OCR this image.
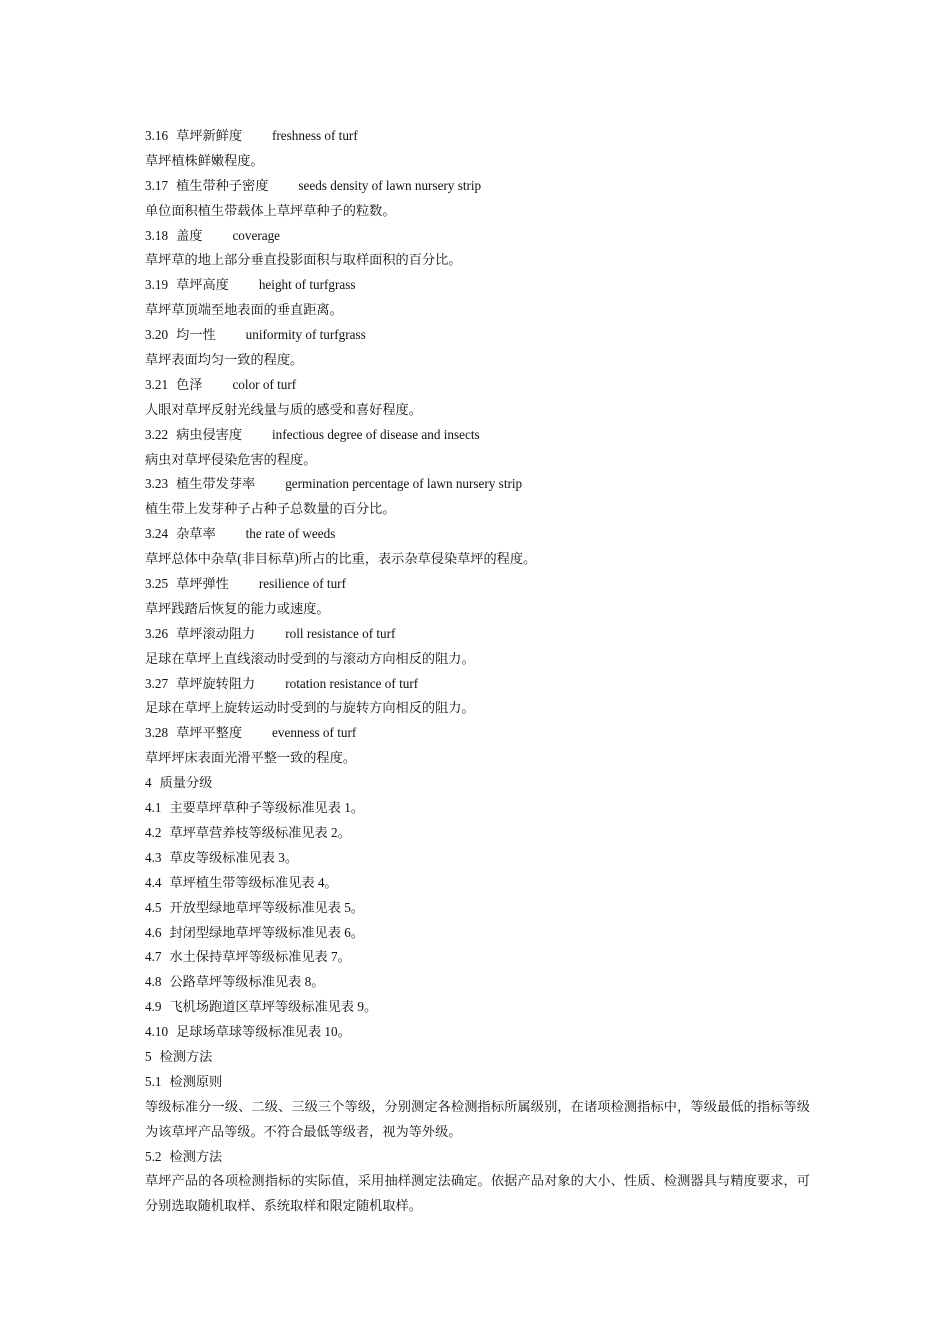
3.16 草坪新鲜度 freshness of turf
草坪植株鲜嫩程度。
3.17 植生带种子密度 seeds density of lawn nursery strip
单位面积植生带载体上草坪草种子的粒数。
3.18 盖度 coverage
草坪草的地上部分垂直投影面积与取样面积的百分比。
3.19 草坪高度 height of turfgrass
草坪草顶端至地表面的垂直距离。
3.20 均一性 uniformity of turfgrass
草坪表面均匀一致的程度。
3.21 色泽 color of turf
人眼对草坪反射光线量与质的感受和喜好程度。
3.22 病虫侵害度 infectious degree of disease and insects
病虫对草坪侵染危害的程度。
3.23 植生带发芽率 germination percentage of lawn nursery strip
植生带上发芽种子占种子总数量的百分比。
3.24 杂草率 the rate of weeds
草坪总体中杂草(非目标草)所占的比重，表示杂草侵染草坪的程度。
3.25 草坪弹性 resilience of turf
草坪践踏后恢复的能力或速度。
3.26 草坪滚动阻力 roll resistance of turf
足球在草坪上直线滚动时受到的与滚动方向相反的阻力。
3.27 草坪旋转阻力 rotation resistance of turf
足球在草坪上旋转运动时受到的与旋转方向相反的阻力。
3.28 草坪平整度 evenness of turf
草坪坪床表面光滑平整一致的程度。
4 质量分级
4.1 主要草坪草种子等级标准见表 1。
4.2 草坪草营养枝等级标准见表 2。
4.3 草皮等级标准见表 3。
4.4 草坪植生带等级标准见表 4。
4.5 开放型绿地草坪等级标准见表 5。
4.6 封闭型绿地草坪等级标准见表 6。
4.7 水土保持草坪等级标准见表 7。
4.8 公路草坪等级标准见表 8。
4.9 飞机场跑道区草坪等级标准见表 9。
4.10 足球场草球等级标准见表 10。
5 检测方法
5.1 检测原则
等级标准分一级、二级、三级三个等级，分别测定各检测指标所属级别，在诸项检测指标中，等级最低的指标等级为该草坪产品等级。不符合最低等级者，视为等外级。
5.2 检测方法
草坪产品的各项检测指标的实际值，采用抽样测定法确定。依据产品对象的大小、性质、检测器具与精度要求，可分别选取随机取样、系统取样和限定随机取样。
